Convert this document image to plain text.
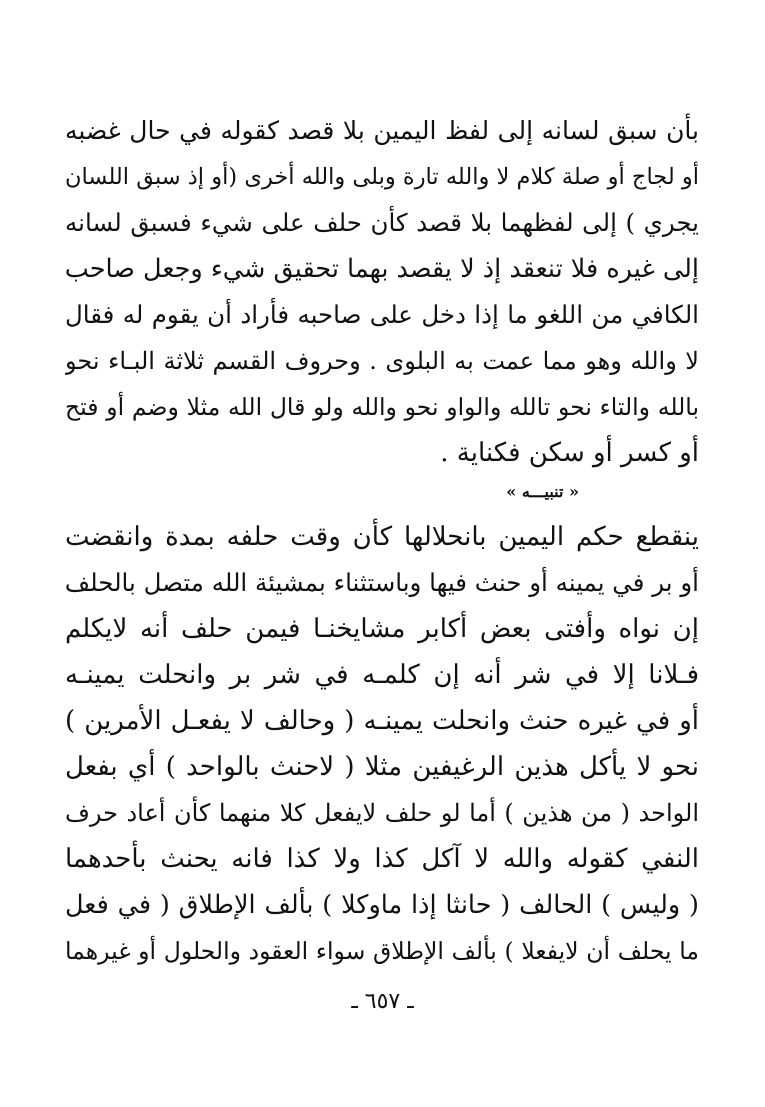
بأن سبق لسانه إلى لفظ اليمين بلا قصد كقوله في حال غضبه
أو لجاج أو صلة كلام لا والله تارة وبلى والله أخرى (أو إذ سبق اللسان
يجري ) إلى لفظهما بلا قصد كأن حلف على شيء فسبق لسانه
إلى غيره فلا تنعقد إذ لا يقصد بهما تحقيق شيء وجعل صاحب
الكافي من اللغو ما إذا دخل على صاحبه فأراد أن يقوم له فقال
لا والله وهو مما عمت به البلوى . وحروف القسم ثلاثة البـاء نحو
بالله والتاء نحو تالله والواو نحو والله ولو قال الله مثلا وضم أو فتح
أو كسر أو سكن فكناية .
« تنبيـــه »
ينقطع حكم اليمين بانحلالها كأن وقت حلفه بمدة وانقضت
أو بر في يمينه أو حنث فيها وباستثناء بمشيئة الله متصل بالحلف
إن نواه وأفتى بعض أكابر مشايخنـا فيمن حلف أنه لايكلم
فـلانا إلا في شر أنه إن كلمـه في شر بر وانحلت يمينـه
أو في غيره حنث وانحلت يمينـه ( وحالف لا يفعـل الأمرين )
نحو لا يأكل هذين الرغيفين مثلا ( لاحنث بالواحد ) أي بفعل
الواحد ( من هذين ) أما لو حلف لايفعل كلا منهما كأن أعاد حرف
النفي كقوله والله لا آكل كذا ولا كذا فانه يحنث بأحدهما
( وليس ) الحالف ( حانثا إذا ماوكلا ) بألف الإطلاق ( في فعل
ما يحلف أن لايفعلا ) بألف الإطلاق سواء العقود والحلول أو غيرهما
ـ ٦٥٧ ـ
